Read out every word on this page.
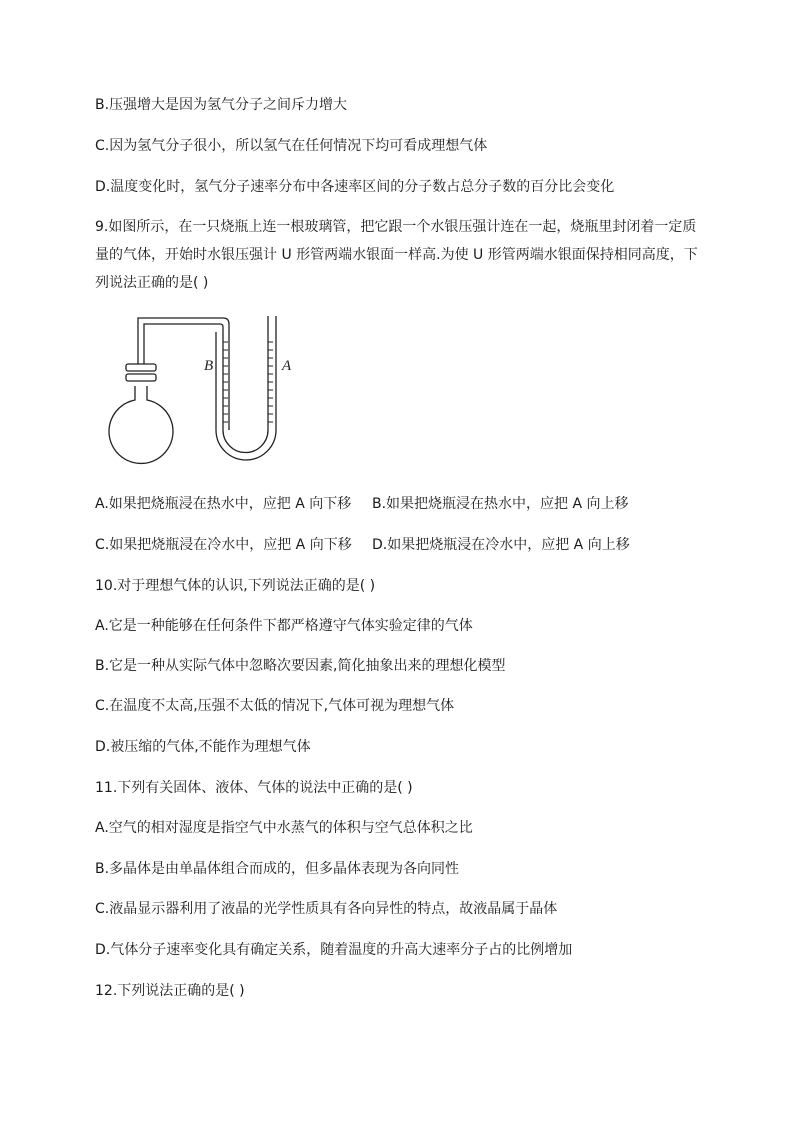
B.压强增大是因为氢气分子之间斥力增大
C.因为氢气分子很小，所以氢气在任何情况下均可看成理想气体
D.温度变化时，氢气分子速率分布中各速率区间的分子数占总分子数的百分比会变化
9.如图所示，在一只烧瓶上连一根玻璃管，把它跟一个水银压强计连在一起，烧瓶里封闭着一定质
量的气体，开始时水银压强计 U 形管两端水银面一样高.为使 U 形管两端水银面保持相同高度，下
列说法正确的是( )
B	A
A.如果把烧瓶浸在热水中，应把 A 向下移 B.如果把烧瓶浸在热水中，应把 A 向上移
C.如果把烧瓶浸在冷水中，应把 A 向下移 D.如果把烧瓶浸在冷水中，应把 A 向上移
10.对于理想气体的认识,下列说法正确的是( )
A.它是一种能够在任何条件下都严格遵守气体实验定律的气体
B.它是一种从实际气体中忽略次要因素,简化抽象出来的理想化模型
C.在温度不太高,压强不太低的情况下,气体可视为理想气体
D.被压缩的气体,不能作为理想气体
11.下列有关固体、液体、气体的说法中正确的是( )
A.空气的相对湿度是指空气中水蒸气的体积与空气总体积之比
B.多晶体是由单晶体组合而成的，但多晶体表现为各向同性
C.液晶显示器利用了液晶的光学性质具有各向异性的特点，故液晶属于晶体
D.气体分子速率变化具有确定关系，随着温度的升高大速率分子占的比例增加
12.下列说法正确的是( )
